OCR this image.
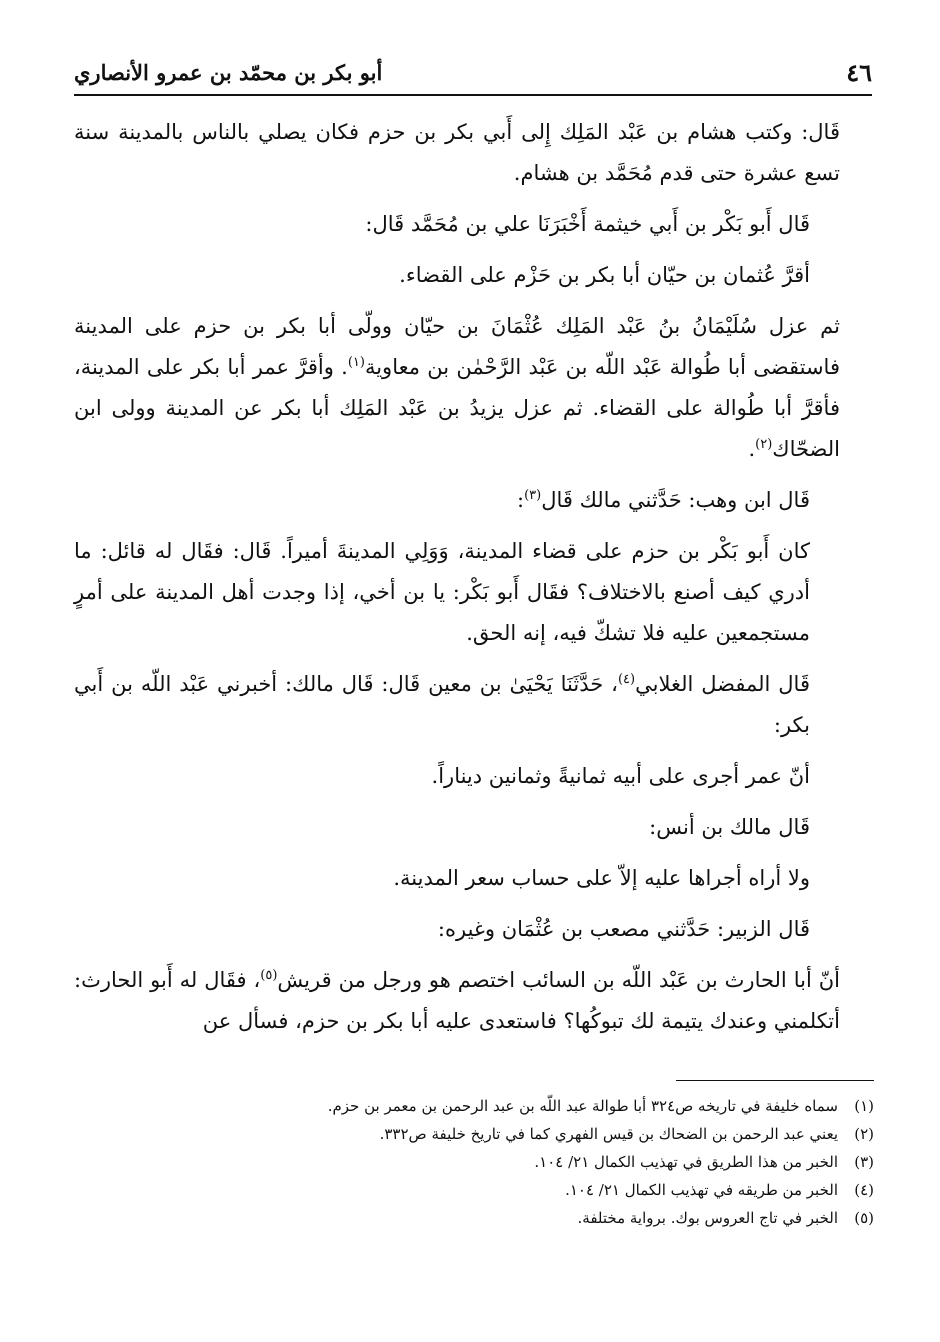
٤٦
أبو بكر بن محمّد بن عمرو الأنصاري

قَال: وكتب هشام بن عَبْد المَلِك إِلى أَبي بكر بن حزم فكان يصلي بالناس بالمدينة سنة تسع عشرة حتى قدم مُحَمَّد بن هشام.

قَال أَبو بَكْر بن أَبي خيثمة أَخْبَرَنَا علي بن مُحَمَّد قَال:

أقرَّ عُثمان بن حيّان أبا بكر بن حَزْم على القضاء.

ثم عزل سُلَيْمَانُ بنُ عَبْد المَلِك عُثْمَانَ بن حيّان وولّى أبا بكر بن حزم على المدينة فاستقضى أبا طُوالة عَبْد اللّه بن عَبْد الرَّحْمٰن بن معاوية$^{(١)}$. وأقرَّ عمر أبا بكر على المدينة، فأقرَّ أبا طُوالة على القضاء. ثم عزل يزيدُ بن عَبْد المَلِك أبا بكر عن المدينة وولى ابن الضحّاك$^{(٢)}$.

قَال ابن وهب: حَدَّثني مالك قَال$^{(٣)}$:

كان أَبو بَكْر بن حزم على قضاء المدينة، وَوَلِي المدينةَ أميراً. قَال: فقَال له قائل: ما أدري كيف أصنع بالاختلاف؟ فقَال أَبو بَكْر: يا بن أخي، إذا وجدت أهل المدينة على أمرٍ مستجمعين عليه فلا تشكّ فيه، إنه الحق.

قَال المفضل الغلابي$^{(٤)}$، حَدَّثَنَا يَحْيَىٰ بن معين قَال: قَال مالك: أخبرني عَبْد اللّه بن أَبي بكر:

أنّ عمر أجرى على أبيه ثمانيةً وثمانين ديناراً.

قَال مالك بن أنس:

ولا أراه أجراها عليه إلاّ على حساب سعر المدينة.

قَال الزبير: حَدَّثني مصعب بن عُثْمَان وغيره:

أنّ أبا الحارث بن عَبْد اللّه بن السائب اختصم هو ورجل من قريش$^{(٥)}$، فقَال له أَبو الحارث: أتكلمني وعندك يتيمة لك تبوكُها؟ فاستعدى عليه أبا بكر بن حزم، فسأل عن

(١)
سماه خليفة في تاريخه ص٣٢٤ أبا طوالة عبد اللّه بن عبد الرحمن بن معمر بن حزم.
(٢)
يعني عبد الرحمن بن الضحاك بن قيس الفهري كما في تاريخ خليفة ص٣٣٢.
(٣)
الخبر من هذا الطريق في تهذيب الكمال ٢١/ ١٠٤.
(٤)
الخبر من طريقه في تهذيب الكمال ٢١/ ١٠٤.
(٥)
الخبر في تاج العروس بوك. برواية مختلفة.
